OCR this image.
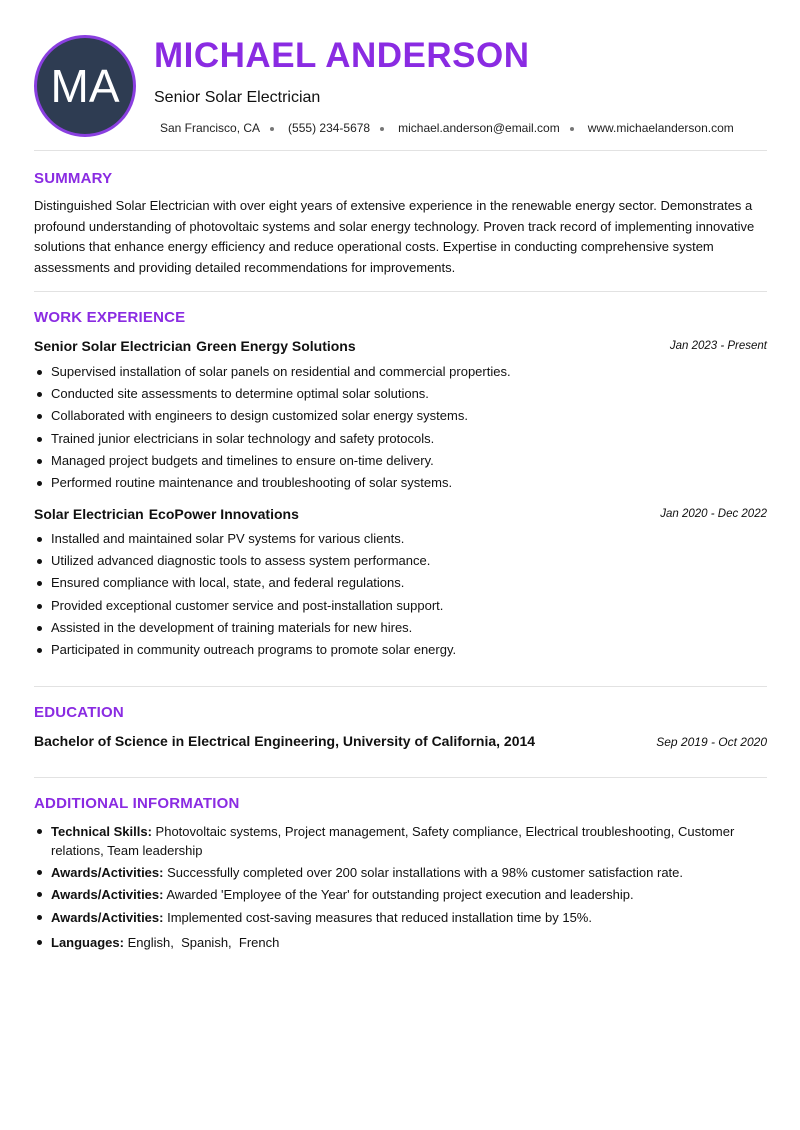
MA
MICHAEL ANDERSON
Senior Solar Electrician
San Francisco, CA (555) 234-5678 michael.anderson@email.com www.michaelanderson.com
SUMMARY
Distinguished Solar Electrician with over eight years of extensive experience in the renewable energy sector. Demonstrates a profound understanding of photovoltaic systems and solar energy technology. Proven track record of implementing innovative solutions that enhance energy efficiency and reduce operational costs. Expertise in conducting comprehensive system assessments and providing detailed recommendations for improvements.
WORK EXPERIENCE
Senior Solar Electrician Green Energy Solutions	Jan 2023 - Present
Supervised installation of solar panels on residential and commercial properties.
Conducted site assessments to determine optimal solar solutions.
Collaborated with engineers to design customized solar energy systems.
Trained junior electricians in solar technology and safety protocols.
Managed project budgets and timelines to ensure on-time delivery.
Performed routine maintenance and troubleshooting of solar systems.
Solar Electrician EcoPower Innovations	Jan 2020 - Dec 2022
Installed and maintained solar PV systems for various clients.
Utilized advanced diagnostic tools to assess system performance.
Ensured compliance with local, state, and federal regulations.
Provided exceptional customer service and post-installation support.
Assisted in the development of training materials for new hires.
Participated in community outreach programs to promote solar energy.
EDUCATION
Bachelor of Science in Electrical Engineering, University of California, 2014	Sep 2019 - Oct 2020
ADDITIONAL INFORMATION
Technical Skills: Photovoltaic systems, Project management, Safety compliance, Electrical troubleshooting, Customer relations, Team leadership
Awards/Activities: Successfully completed over 200 solar installations with a 98% customer satisfaction rate.
Awards/Activities: Awarded 'Employee of the Year' for outstanding project execution and leadership.
Awards/Activities: Implemented cost-saving measures that reduced installation time by 15%.
Languages: English,  Spanish,  French
